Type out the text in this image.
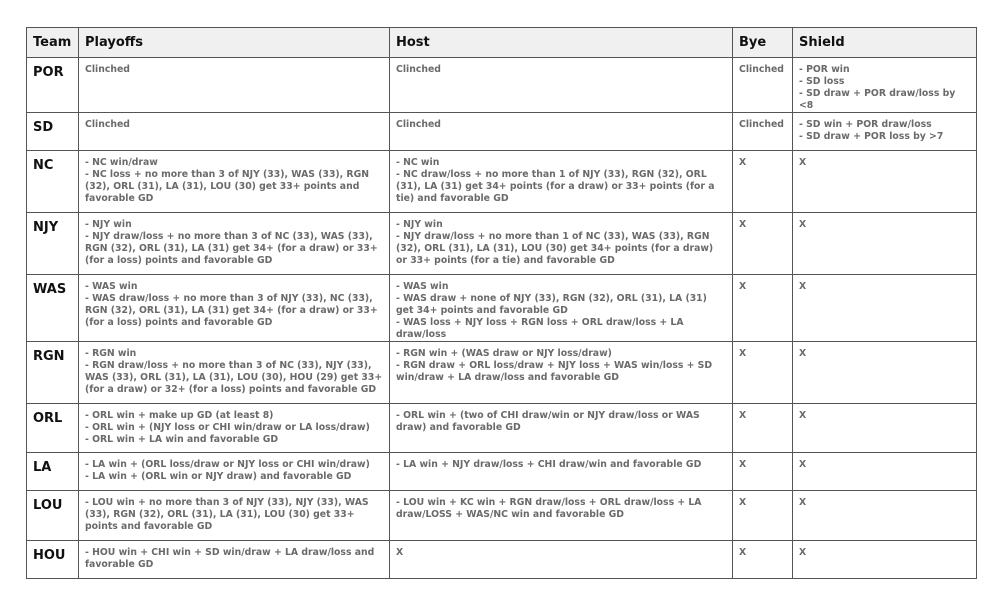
Team	Playoffs	Host	Bye	Shield
POR	Clinched	Clinched	Clinched	- POR win
- SD loss
- SD draw + POR draw/loss by <8
SD	Clinched	Clinched	Clinched	- SD win + POR draw/loss
- SD draw + POR loss by >7
NC	- NC win/draw
- NC loss + no more than 3 of NJY (33), WAS (33), RGN (32), ORL (31), LA (31), LOU (30) get 33+ points and favorable GD	- NC win
- NC draw/loss + no more than 1 of NJY (33), RGN (32), ORL (31), LA (31) get 34+ points (for a draw) or 33+ points (for a tie) and favorable GD	X	X
NJY	- NJY win
- NJY draw/loss + no more than 3 of NC (33), WAS (33), RGN (32), ORL (31), LA (31) get 34+ (for a draw) or 33+ (for a loss) points and favorable GD	- NJY win
- NJY draw/loss + no more than 1 of NC (33), WAS (33), RGN (32), ORL (31), LA (31), LOU (30) get 34+ points (for a draw) or 33+ points (for a tie) and favorable GD	X	X
WAS	- WAS win
- WAS draw/loss + no more than 3 of NJY (33), NC (33), RGN (32), ORL (31), LA (31) get 34+ (for a draw) or 33+ (for a loss) points and favorable GD	- WAS win
- WAS draw + none of NJY (33), RGN (32), ORL (31), LA (31) get 34+ points and favorable GD
- WAS loss + NJY loss + RGN loss + ORL draw/loss + LA draw/loss	X	X
RGN	- RGN win
- RGN draw/loss + no more than 3 of NC (33), NJY (33), WAS (33), ORL (31), LA (31), LOU (30), HOU (29) get 33+ (for a draw) or 32+ (for a loss) points and favorable GD	- RGN win + (WAS draw or NJY loss/draw)
- RGN draw + ORL loss/draw + NJY loss + WAS win/loss + SD win/draw + LA draw/loss and favorable GD	X	X
ORL	- ORL win + make up GD (at least 8)
- ORL win + (NJY loss or CHI win/draw or LA loss/draw)
- ORL win + LA win and favorable GD	- ORL win + (two of CHI draw/win or NJY draw/loss or WAS draw) and favorable GD	X	X
LA	- LA win + (ORL loss/draw or NJY loss or CHI win/draw)
- LA win + (ORL win or NJY draw) and favorable GD	- LA win + NJY draw/loss + CHI draw/win and favorable GD	X	X
LOU	- LOU win + no more than 3 of NJY (33), NJY (33), WAS (33), RGN (32), ORL (31), LA (31), LOU (30) get 33+ points and favorable GD	- LOU win + KC win + RGN draw/loss + ORL draw/loss + LA draw/LOSS + WAS/NC win and favorable GD	X	X
HOU	- HOU win + CHI win + SD win/draw + LA draw/loss and favorable GD	X	X	X
